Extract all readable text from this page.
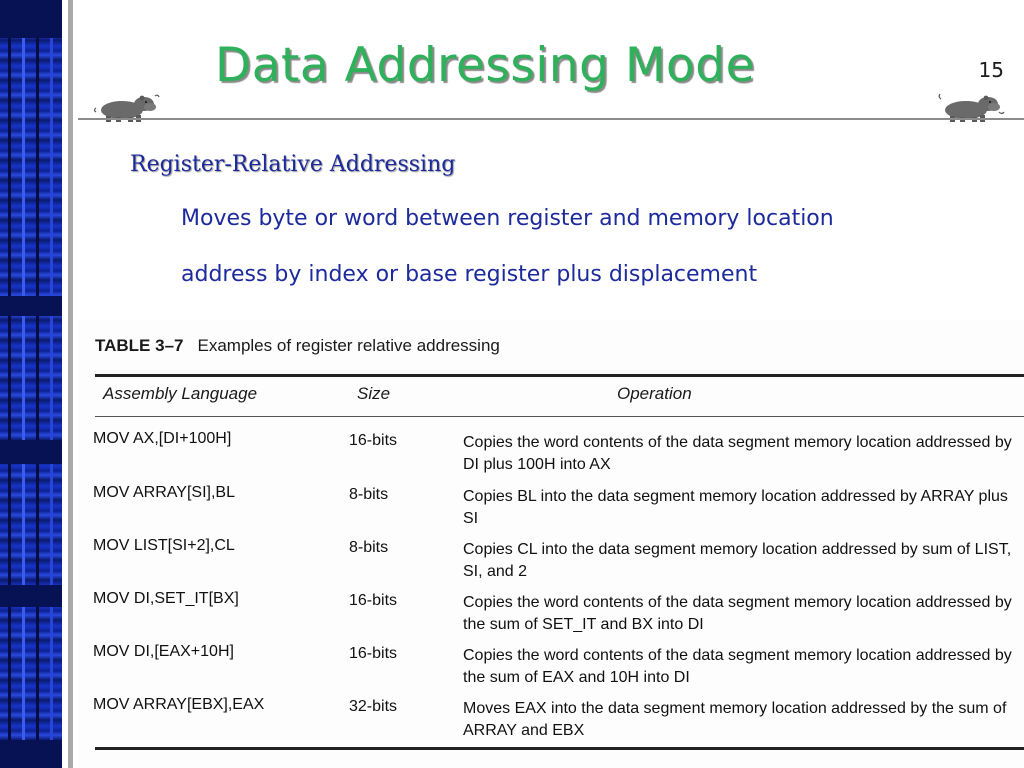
Data Addressing Mode	15
Register-Relative Addressing
Moves byte or word between register and memory location
address by index or base register plus displacement
TABLE 3–7 Examples of register relative addressing
Assembly Language	Size	Operation
MOV AX,[DI+100H]	16-bits	Copies the word contents of the data segment memory location addressed by DI plus 100H into AX
MOV ARRAY[SI],BL	8-bits	Copies BL into the data segment memory location addressed by ARRAY plus SI
MOV LIST[SI+2],CL	8-bits	Copies CL into the data segment memory location addressed by sum of LIST, SI, and 2
MOV DI,SET_IT[BX]	16-bits	Copies the word contents of the data segment memory location addressed by the sum of SET_IT and BX into DI
MOV DI,[EAX+10H]	16-bits	Copies the word contents of the data segment memory location addressed by the sum of EAX and 10H into DI
MOV ARRAY[EBX],EAX	32-bits	Moves EAX into the data segment memory location addressed by the sum of ARRAY and EBX
